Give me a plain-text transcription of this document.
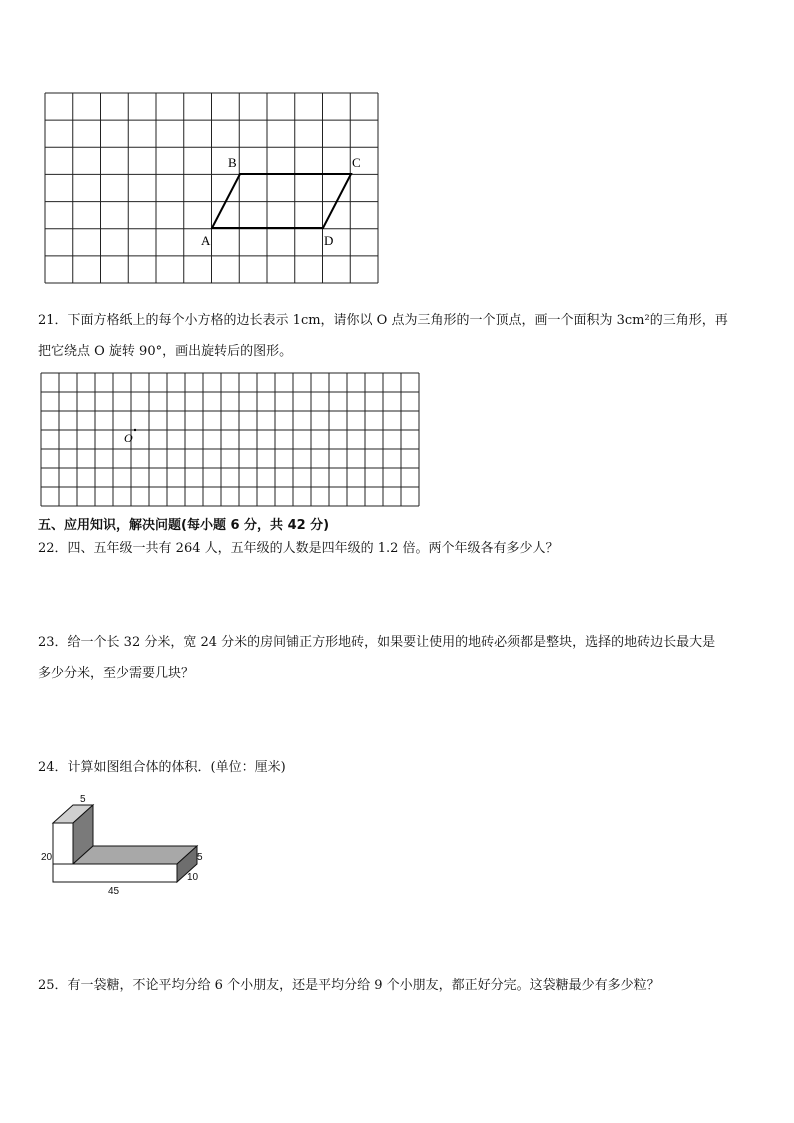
B	C
A	D
21．下面方格纸上的每个小方格的边长表示 1cm，请你以 O 点为三角形的一个顶点，画一个面积为 3cm²的三角形，再
把它绕点 O 旋转 90°，画出旋转后的图形。
O
五、应用知识，解决问题(每小题 6 分，共 42 分)
22．四、五年级一共有 264 人，五年级的人数是四年级的 1.2 倍。两个年级各有多少人？
23．给一个长 32 分米，宽 24 分米的房间铺正方形地砖，如果要让使用的地砖必须都是整块，选择的地砖边长最大是
多少分米，至少需要几块？
24．计算如图组合体的体积．(单位：厘米)
5
20
45
5
10
25．有一袋糖，不论平均分给 6 个小朋友，还是平均分给 9 个小朋友，都正好分完。这袋糖最少有多少粒？
